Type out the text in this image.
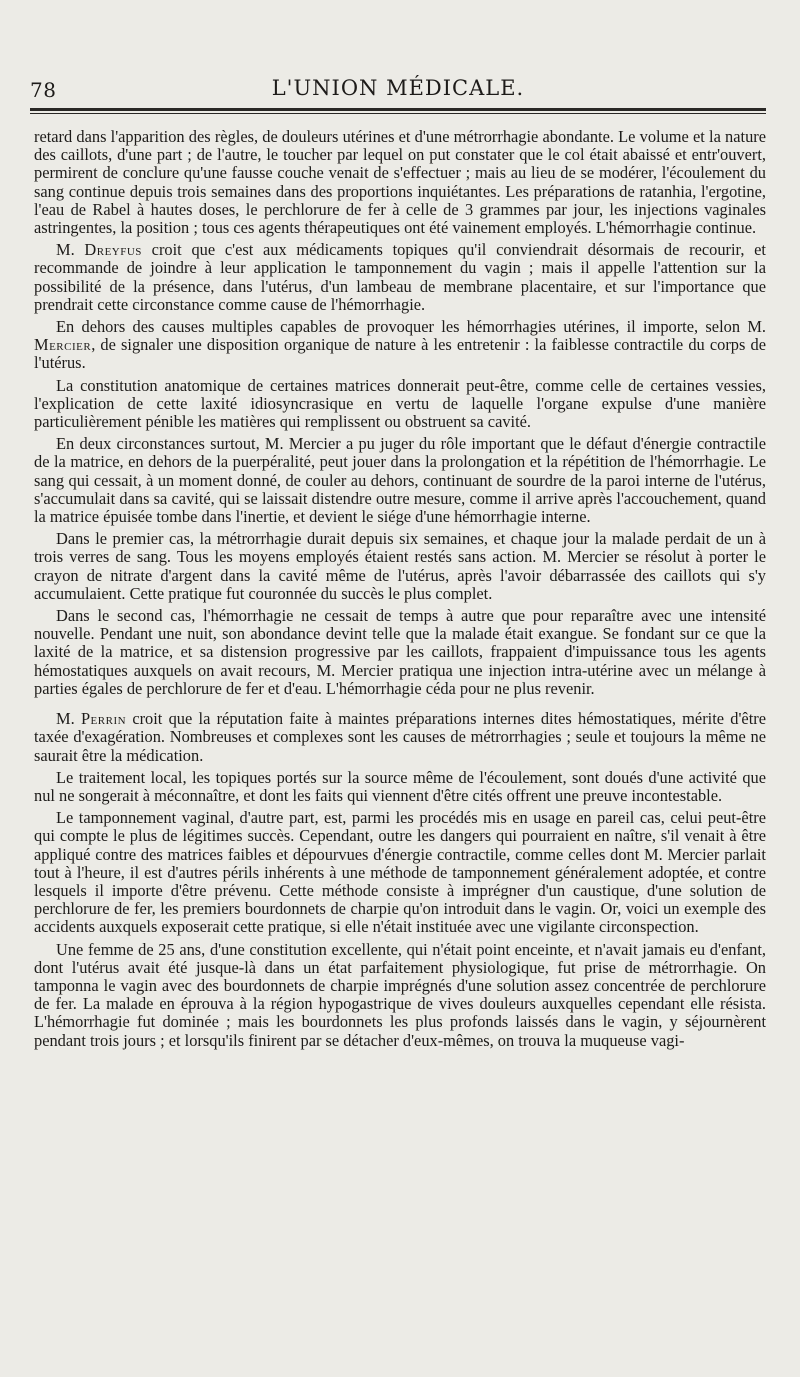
78	L'UNION MÉDICALE.

retard dans l'apparition des règles, de douleurs utérines et d'une métrorrhagie abondante. Le volume et la nature des caillots, d'une part ; de l'autre, le toucher par lequel on put constater que le col était abaissé et entr'ouvert, permirent de conclure qu'une fausse couche venait de s'effectuer ; mais au lieu de se modérer, l'écoulement du sang continue depuis trois semaines dans des proportions inquiétantes. Les préparations de ratanhia, l'ergotine, l'eau de Rabel à hautes doses, le perchlorure de fer à celle de 3 grammes par jour, les injections vaginales astringentes, la position ; tous ces agents thérapeutiques ont été vainement employés. L'hémorrhagie continue.

M. Dreyfus croit que c'est aux médicaments topiques qu'il conviendrait désormais de recourir, et recommande de joindre à leur application le tamponnement du vagin ; mais il appelle l'attention sur la possibilité de la présence, dans l'utérus, d'un lambeau de membrane placentaire, et sur l'importance que prendrait cette circonstance comme cause de l'hémorrhagie.

En dehors des causes multiples capables de provoquer les hémorrhagies utérines, il importe, selon M. Mercier, de signaler une disposition organique de nature à les entretenir : la faiblesse contractile du corps de l'utérus.

La constitution anatomique de certaines matrices donnerait peut-être, comme celle de certaines vessies, l'explication de cette laxité idiosyncrasique en vertu de laquelle l'organe expulse d'une manière particulièrement pénible les matières qui remplissent ou obstruent sa cavité.

En deux circonstances surtout, M. Mercier a pu juger du rôle important que le défaut d'énergie contractile de la matrice, en dehors de la puerpéralité, peut jouer dans la prolongation et la répétition de l'hémorrhagie. Le sang qui cessait, à un moment donné, de couler au dehors, continuant de sourdre de la paroi interne de l'utérus, s'accumulait dans sa cavité, qui se laissait distendre outre mesure, comme il arrive après l'accouchement, quand la matrice épuisée tombe dans l'inertie, et devient le siége d'une hémorrhagie interne.

Dans le premier cas, la métrorrhagie durait depuis six semaines, et chaque jour la malade perdait de un à trois verres de sang. Tous les moyens employés étaient restés sans action. M. Mercier se résolut à porter le crayon de nitrate d'argent dans la cavité même de l'utérus, après l'avoir débarrassée des caillots qui s'y accumulaient. Cette pratique fut couronnée du succès le plus complet.

Dans le second cas, l'hémorrhagie ne cessait de temps à autre que pour reparaître avec une intensité nouvelle. Pendant une nuit, son abondance devint telle que la malade était exangue. Se fondant sur ce que la laxité de la matrice, et sa distension progressive par les caillots, frappaient d'impuissance tous les agents hémostatiques auxquels on avait recours, M. Mercier pratiqua une injection intra-utérine avec un mélange à parties égales de perchlorure de fer et d'eau. L'hémorrhagie céda pour ne plus revenir.

M. Perrin croit que la réputation faite à maintes préparations internes dites hémostatiques, mérite d'être taxée d'exagération. Nombreuses et complexes sont les causes de métrorrhagies ; seule et toujours la même ne saurait être la médication.

Le traitement local, les topiques portés sur la source même de l'écoulement, sont doués d'une activité que nul ne songerait à méconnaître, et dont les faits qui viennent d'être cités offrent une preuve incontestable.

Le tamponnement vaginal, d'autre part, est, parmi les procédés mis en usage en pareil cas, celui peut-être qui compte le plus de légitimes succès. Cependant, outre les dangers qui pourraient en naître, s'il venait à être appliqué contre des matrices faibles et dépourvues d'énergie contractile, comme celles dont M. Mercier parlait tout à l'heure, il est d'autres périls inhérents à une méthode de tamponnement généralement adoptée, et contre lesquels il importe d'être prévenu. Cette méthode consiste à imprégner d'un caustique, d'une solution de perchlorure de fer, les premiers bourdonnets de charpie qu'on introduit dans le vagin. Or, voici un exemple des accidents auxquels exposerait cette pratique, si elle n'était instituée avec une vigilante circonspection.

Une femme de 25 ans, d'une constitution excellente, qui n'était point enceinte, et n'avait jamais eu d'enfant, dont l'utérus avait été jusque-là dans un état parfaitement physiologique, fut prise de métrorrhagie. On tamponna le vagin avec des bourdonnets de charpie imprégnés d'une solution assez concentrée de perchlorure de fer. La malade en éprouva à la région hypogastrique de vives douleurs auxquelles cependant elle résista. L'hémorrhagie fut dominée ; mais les bourdonnets les plus profonds laissés dans le vagin, y séjournèrent pendant trois jours ; et lorsqu'ils finirent par se détacher d'eux-mêmes, on trouva la muqueuse vagi-
